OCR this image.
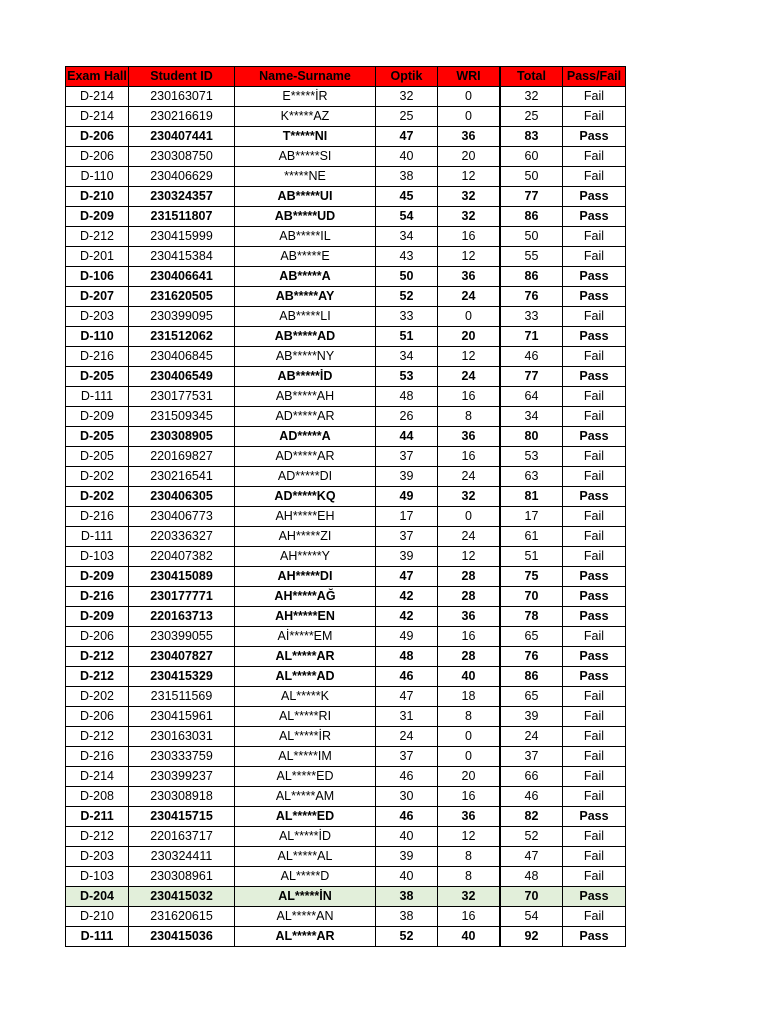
Exam Hall	Student ID	Name-Surname	Optik	WRI		Total	Pass/Fail
D-214	230163071	E*****İR	32	0		32	Fail
D-214	230216619	K*****AZ	25	0		25	Fail
D-206	230407441	T*****NI	47	36		83	Pass
D-206	230308750	AB*****SI	40	20		60	Fail
D-110	230406629	*****NE	38	12		50	Fail
D-210	230324357	AB*****UI	45	32		77	Pass
D-209	231511807	AB*****UD	54	32		86	Pass
D-212	230415999	AB*****IL	34	16		50	Fail
D-201	230415384	AB*****E	43	12		55	Fail
D-106	230406641	AB*****A	50	36		86	Pass
D-207	231620505	AB*****AY	52	24		76	Pass
D-203	230399095	AB*****LI	33	0		33	Fail
D-110	231512062	AB*****AD	51	20		71	Pass
D-216	230406845	AB*****NY	34	12		46	Fail
D-205	230406549	AB*****İD	53	24		77	Pass
D-111	230177531	AB*****AH	48	16		64	Fail
D-209	231509345	AD*****AR	26	8		34	Fail
D-205	230308905	AD*****A	44	36		80	Pass
D-205	220169827	AD*****AR	37	16		53	Fail
D-202	230216541	AD*****DI	39	24		63	Fail
D-202	230406305	AD*****KQ	49	32		81	Pass
D-216	230406773	AH*****EH	17	0		17	Fail
D-111	220336327	AH*****ZI	37	24		61	Fail
D-103	220407382	AH*****Y	39	12		51	Fail
D-209	230415089	AH*****DI	47	28		75	Pass
D-216	230177771	AH*****AĞ	42	28		70	Pass
D-209	220163713	AH*****EN	42	36		78	Pass
D-206	230399055	Aİ*****EM	49	16		65	Fail
D-212	230407827	AL*****AR	48	28		76	Pass
D-212	230415329	AL*****AD	46	40		86	Pass
D-202	231511569	AL*****K	47	18		65	Fail
D-206	230415961	AL*****RI	31	8		39	Fail
D-212	230163031	AL*****İR	24	0		24	Fail
D-216	230333759	AL*****IM	37	0		37	Fail
D-214	230399237	AL*****ED	46	20		66	Fail
D-208	230308918	AL*****AM	30	16		46	Fail
D-211	230415715	AL*****ED	46	36		82	Pass
D-212	220163717	AL*****İD	40	12		52	Fail
D-203	230324411	AL*****AL	39	8		47	Fail
D-103	230308961	AL*****D	40	8		48	Fail
D-204	230415032	AL*****İN	38	32		70	Pass
D-210	231620615	AL*****AN	38	16		54	Fail
D-111	230415036	AL*****AR	52	40		92	Pass
